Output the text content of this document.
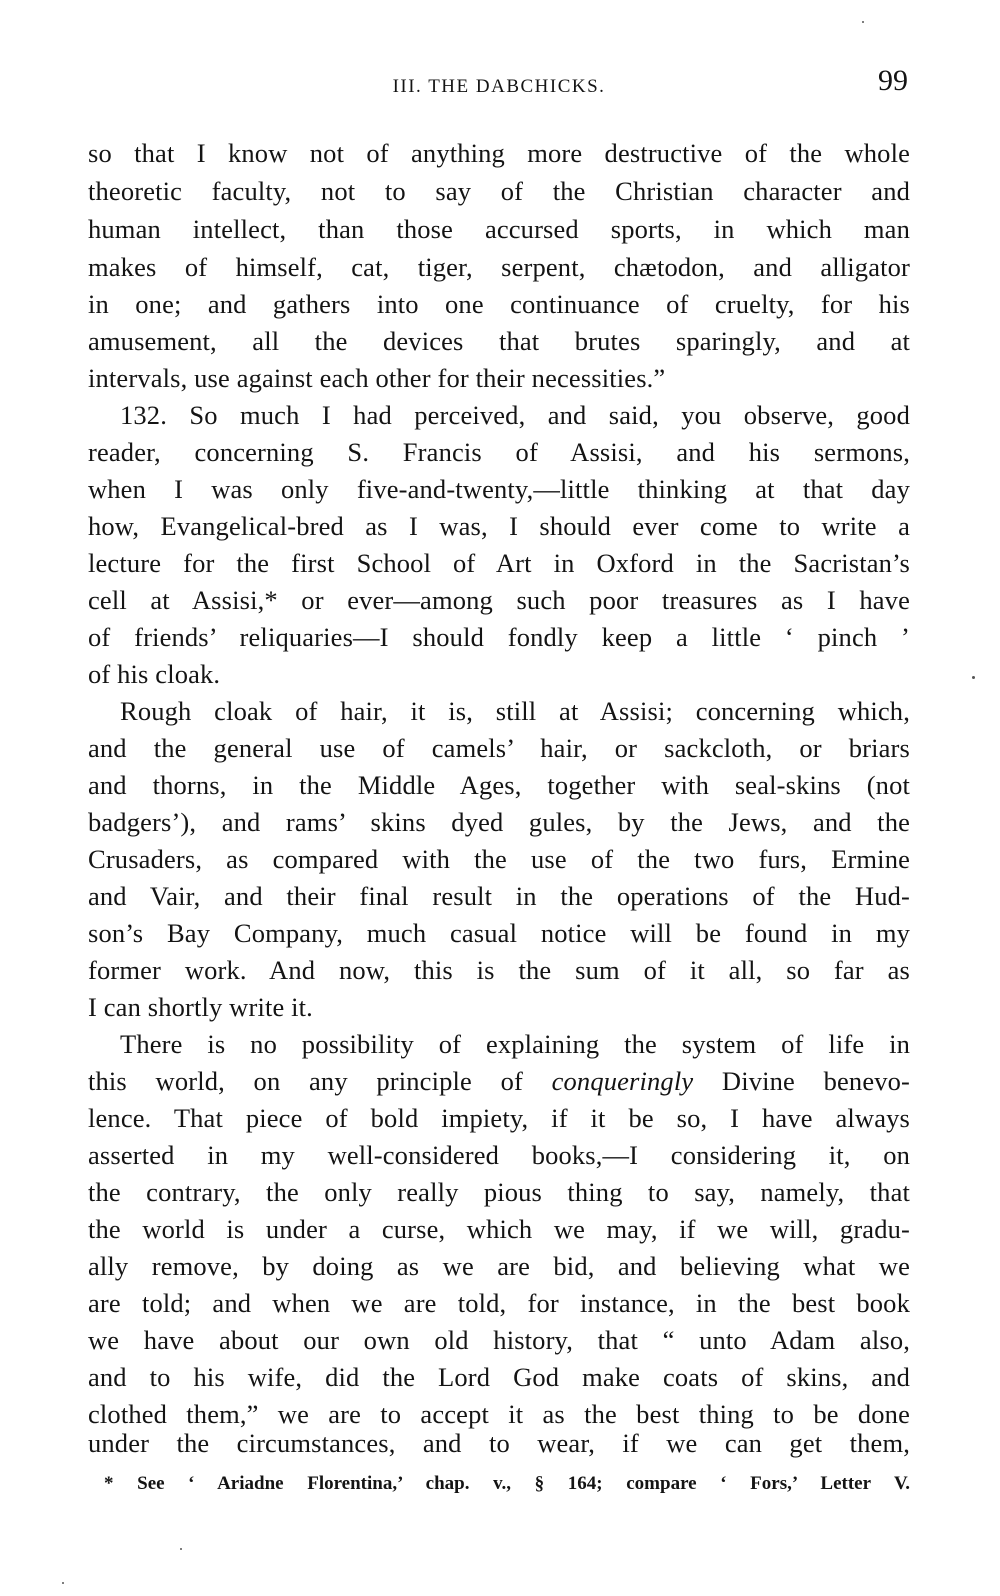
III. THE DABCHICKS.	99
so that I know not of anything more destructive of the whole
theoretic faculty, not to say of the Christian character and
human intellect, than those accursed sports, in which man
makes of himself, cat, tiger, serpent, chætodon, and alligator
in one; and gathers into one continuance of cruelty, for his
amusement, all the devices that brutes sparingly, and at
intervals, use against each other for their necessities.”
132. So much I had perceived, and said, you observe, good
reader, concerning S. Francis of Assisi, and his sermons,
when I was only five-and-twenty,—little thinking at that day
how, Evangelical-bred as I was, I should ever come to write a
lecture for the first School of Art in Oxford in the Sacristan’s
cell at Assisi,* or ever—among such poor treasures as I have
of friends’ reliquaries—I should fondly keep a little ‘ pinch ’
of his cloak.
Rough cloak of hair, it is, still at Assisi; concerning which,
and the general use of camels’ hair, or sackcloth, or briars
and thorns, in the Middle Ages, together with seal-skins (not
badgers’), and rams’ skins dyed gules, by the Jews, and the
Crusaders, as compared with the use of the two furs, Ermine
and Vair, and their final result in the operations of the Hud-
son’s Bay Company, much casual notice will be found in my
former work. And now, this is the sum of it all, so far as
I can shortly write it.
There is no possibility of explaining the system of life in
this world, on any principle of conqueringly Divine benevo-
lence. That piece of bold impiety, if it be so, I have always
asserted in my well-considered books,—I considering it, on
the contrary, the only really pious thing to say, namely, that
the world is under a curse, which we may, if we will, gradu-
ally remove, by doing as we are bid, and believing what we
are told; and when we are told, for instance, in the best book
we have about our own old history, that “ unto Adam also,
and to his wife, did the Lord God make coats of skins, and
clothed them,” we are to accept it as the best thing to be done
under the circumstances, and to wear, if we can get them,
* See ‘ Ariadne Florentina,’ chap. v., § 164; compare ‘ Fors,’ Letter V.
